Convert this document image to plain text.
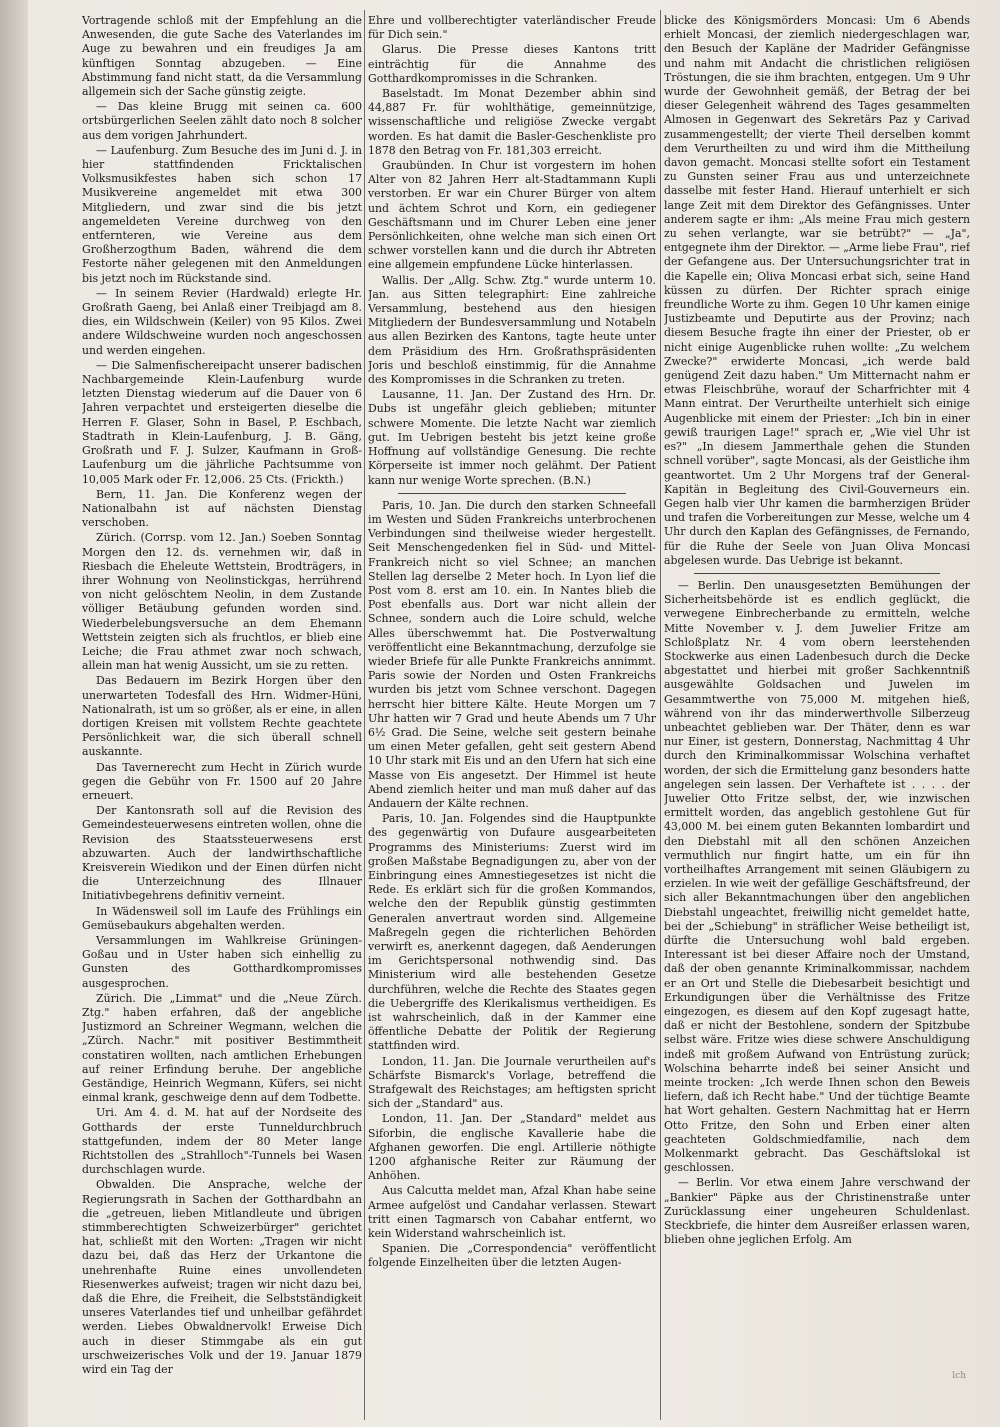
Vortragende schloß mit der Empfehlung an die Anwesenden, die gute Sache des Vaterlandes im Auge zu bewahren und ein freudiges Ja am künftigen Sonntag abzugeben. — Eine Abstimmung fand nicht statt, da die Versammlung allgemein sich der Sache günstig zeigte.

— Das kleine Brugg mit seinen ca. 600 ortsbürgerlichen Seelen zählt dato noch 8 solcher aus dem vorigen Jahrhundert.

— Laufenburg. Zum Besuche des im Juni d. J. in hier stattfindenden Fricktalischen Volksmusikfestes haben sich schon 17 Musikvereine angemeldet mit etwa 300 Mitgliedern, und zwar sind die bis jetzt angemeldeten Vereine durchweg von den entfernteren, wie Vereine aus dem Großherzogthum Baden, während die dem Festorte näher gelegenen mit den Anmeldungen bis jetzt noch im Rückstande sind.

— In seinem Revier (Hardwald) erlegte Hr. Großrath Gaeng, bei Anlaß einer Treibjagd am 8. dies, ein Wildschwein (Keiler) von 95 Kilos. Zwei andere Wildschweine wurden noch angeschossen und werden eingehen.

— Die Salmenfischereipacht unserer badischen Nachbargemeinde Klein-Laufenburg wurde letzten Dienstag wiederum auf die Dauer von 6 Jahren verpachtet und ersteigerten dieselbe die Herren F. Glaser, Sohn in Basel, P. Eschbach, Stadtrath in Klein-Laufenburg, J. B. Gäng, Großrath und F. J. Sulzer, Kaufmann in Groß-Laufenburg um die jährliche Pachtsumme von 10,005 Mark oder Fr. 12,006. 25 Cts. (Frickth.)

Bern, 11. Jan. Die Konferenz wegen der Nationalbahn ist auf nächsten Dienstag verschoben.

Zürich. (Corrsp. vom 12. Jan.) Soeben Sonntag Morgen den 12. ds. vernehmen wir, daß in Riesbach die Eheleute Wettstein, Brodträgers, in ihrer Wohnung von Neolinstickgas, herrührend von nicht gelöschtem Neolin, in dem Zustande völliger Betäubung gefunden worden sind. Wiederbelebungsversuche an dem Ehemann Wettstein zeigten sich als fruchtlos, er blieb eine Leiche; die Frau athmet zwar noch schwach, allein man hat wenig Aussicht, um sie zu retten.

Das Bedauern im Bezirk Horgen über den unerwarteten Todesfall des Hrn. Widmer-Hüni, Nationalrath, ist um so größer, als er eine, in allen dortigen Kreisen mit vollstem Rechte geachtete Persönlichkeit war, die sich überall schnell auskannte.

Das Tavernerecht zum Hecht in Zürich wurde gegen die Gebühr von Fr. 1500 auf 20 Jahre erneuert.

Der Kantonsrath soll auf die Revision des Gemeindesteuerwesens eintreten wollen, ohne die Revision des Staatssteuerwesens erst abzuwarten. Auch der landwirthschaftliche Kreisverein Wiedikon und der Einen dürfen nicht die Unterzeichnung des Illnauer Initiativbegehrens definitiv verneint.

In Wädensweil soll im Laufe des Frühlings ein Gemüsebaukurs abgehalten werden.

Versammlungen im Wahlkreise Grüningen-Goßau und in Uster haben sich einhellig zu Gunsten des Gotthardkompromisses ausgesprochen.

Zürich. Die „Limmat" und die „Neue Zürch. Ztg." haben erfahren, daß der angebliche Justizmord an Schreiner Wegmann, welchen die „Zürch. Nachr." mit positiver Bestimmtheit constatiren wollten, nach amtlichen Erhebungen auf reiner Erfindung beruhe. Der angebliche Geständige, Heinrich Wegmann, Küfers, sei nicht einmal krank, geschweige denn auf dem Todbette.

Uri. Am 4. d. M. hat auf der Nordseite des Gotthards der erste Tunneldurchbruch stattgefunden, indem der 80 Meter lange Richtstollen des „Strahlloch"-Tunnels bei Wasen durchschlagen wurde.

Obwalden. Die Ansprache, welche der Regierungsrath in Sachen der Gotthardbahn an die „getreuen, lieben Mitlandleute und übrigen stimmberechtigten Schweizerbürger" gerichtet hat, schließt mit den Worten: „Tragen wir nicht dazu bei, daß das Herz der Urkantone die unehrenhafte Ruine eines unvollendeten Riesenwerkes aufweist; tragen wir nicht dazu bei, daß die Ehre, die Freiheit, die Selbstständigkeit unseres Vaterlandes tief und unheilbar gefährdet werden. Liebes Obwaldnervolk! Erweise Dich auch in dieser Stimmgabe als ein gut urschweizerisches Volk und der 19. Januar 1879 wird ein Tag der

Ehre und vollberechtigter vaterländischer Freude für Dich sein."

Glarus. Die Presse dieses Kantons tritt einträchtig für die Annahme des Gotthardkompromisses in die Schranken.

Baselstadt. Im Monat Dezember abhin sind 44,887 Fr. für wohlthätige, gemeinnützige, wissenschaftliche und religiöse Zwecke vergabt worden. Es hat damit die Basler-Geschenkliste pro 1878 den Betrag von Fr. 181,303 erreicht.

Graubünden. In Chur ist vorgestern im hohen Alter von 82 Jahren Herr alt-Stadtammann Kupli verstorben. Er war ein Churer Bürger von altem und ächtem Schrot und Korn, ein gediegener Geschäftsmann und im Churer Leben eine jener Persönlichkeiten, ohne welche man sich einen Ort schwer vorstellen kann und die durch ihr Abtreten eine allgemein empfundene Lücke hinterlassen.

Wallis. Der „Allg. Schw. Ztg." wurde unterm 10. Jan. aus Sitten telegraphirt: Eine zahlreiche Versammlung, bestehend aus den hiesigen Mitgliedern der Bundesversammlung und Notabeln aus allen Bezirken des Kantons, tagte heute unter dem Präsidium des Hrn. Großrathspräsidenten Joris und beschloß einstimmig, für die Annahme des Kompromisses in die Schranken zu treten.

Lausanne, 11. Jan. Der Zustand des Hrn. Dr. Dubs ist ungefähr gleich geblieben; mitunter schwere Momente. Die letzte Nacht war ziemlich gut. Im Uebrigen besteht bis jetzt keine große Hoffnung auf vollständige Genesung. Die rechte Körperseite ist immer noch gelähmt. Der Patient kann nur wenige Worte sprechen. (B.N.)

Paris, 10. Jan. Die durch den starken Schneefall im Westen und Süden Frankreichs unterbrochenen Verbindungen sind theilweise wieder hergestellt. Seit Menschengedenken fiel in Süd- und Mittel-Frankreich nicht so viel Schnee; an manchen Stellen lag derselbe 2 Meter hoch. In Lyon lief die Post vom 8. erst am 10. ein. In Nantes blieb die Post ebenfalls aus. Dort war nicht allein der Schnee, sondern auch die Loire schuld, welche Alles überschwemmt hat. Die Postverwaltung veröffentlicht eine Bekanntmachung, derzufolge sie wieder Briefe für alle Punkte Frankreichs annimmt. Paris sowie der Norden und Osten Frankreichs wurden bis jetzt vom Schnee verschont. Dagegen herrscht hier bittere Kälte. Heute Morgen um 7 Uhr hatten wir 7 Grad und heute Abends um 7 Uhr 6½ Grad. Die Seine, welche seit gestern beinahe um einen Meter gefallen, geht seit gestern Abend 10 Uhr stark mit Eis und an den Ufern hat sich eine Masse von Eis angesetzt. Der Himmel ist heute Abend ziemlich heiter und man muß daher auf das Andauern der Kälte rechnen.

Paris, 10. Jan. Folgendes sind die Hauptpunkte des gegenwärtig von Dufaure ausgearbeiteten Programms des Ministeriums: Zuerst wird im großen Maßstabe Begnadigungen zu, aber von der Einbringung eines Amnestiegesetzes ist nicht die Rede. Es erklärt sich für die großen Kommandos, welche den der Republik günstig gestimmten Generalen anvertraut worden sind. Allgemeine Maßregeln gegen die richterlichen Behörden verwirft es, anerkennt dagegen, daß Aenderungen im Gerichtspersonal nothwendig sind. Das Ministerium wird alle bestehenden Gesetze durchführen, welche die Rechte des Staates gegen die Uebergriffe des Klerikalismus vertheidigen. Es ist wahrscheinlich, daß in der Kammer eine öffentliche Debatte der Politik der Regierung stattfinden wird.

London, 11. Jan. Die Journale verurtheilen auf's Schärfste Bismarck's Vorlage, betreffend die Strafgewalt des Reichstages; am heftigsten spricht sich der „Standard" aus.

London, 11. Jan. Der „Standard" meldet aus Siforbin, die englische Kavallerie habe die Afghanen geworfen. Die engl. Artillerie nöthigte 1200 afghanische Reiter zur Räumung der Anhöhen.

Aus Calcutta meldet man, Afzal Khan habe seine Armee aufgelöst und Candahar verlassen. Stewart tritt einen Tagmarsch von Cabahar entfernt, wo kein Widerstand wahrscheinlich ist.

Spanien. Die „Correspondencia" veröffentlicht folgende Einzelheiten über die letzten Augen-

blicke des Königsmörders Moncasi: Um 6 Abends erhielt Moncasi, der ziemlich niedergeschlagen war, den Besuch der Kapläne der Madrider Gefängnisse und nahm mit Andacht die christlichen religiösen Tröstungen, die sie ihm brachten, entgegen. Um 9 Uhr wurde der Gewohnheit gemäß, der Betrag der bei dieser Gelegenheit während des Tages gesammelten Almosen in Gegenwart des Sekretärs Paz y Carivad zusammengestellt; der vierte Theil derselben kommt dem Verurtheilten zu und wird ihm die Mittheilung davon gemacht. Moncasi stellte sofort ein Testament zu Gunsten seiner Frau aus und unterzeichnete dasselbe mit fester Hand. Hierauf unterhielt er sich lange Zeit mit dem Direktor des Gefängnisses. Unter anderem sagte er ihm: „Als meine Frau mich gestern zu sehen verlangte, war sie betrübt?" — „Ja", entgegnete ihm der Direktor. — „Arme liebe Frau", rief der Gefangene aus. Der Untersuchungsrichter trat in die Kapelle ein; Oliva Moncasi erbat sich, seine Hand küssen zu dürfen. Der Richter sprach einige freundliche Worte zu ihm. Gegen 10 Uhr kamen einige Justizbeamte und Deputirte aus der Provinz; nach diesem Besuche fragte ihn einer der Priester, ob er nicht einige Augenblicke ruhen wollte: „Zu welchem Zwecke?" erwiderte Moncasi, „ich werde bald genügend Zeit dazu haben." Um Mitternacht nahm er etwas Fleischbrühe, worauf der Scharfrichter mit 4 Mann eintrat. Der Verurtheilte unterhielt sich einige Augenblicke mit einem der Priester: „Ich bin in einer gewiß traurigen Lage!" sprach er, „Wie viel Uhr ist es?" „In diesem Jammerthale gehen die Stunden schnell vorüber", sagte Moncasi, als der Geistliche ihm geantwortet. Um 2 Uhr Morgens traf der General-Kapitän in Begleitung des Civil-Gouverneurs ein. Gegen halb vier Uhr kamen die barmherzigen Brüder und trafen die Vorbereitungen zur Messe, welche um 4 Uhr durch den Kaplan des Gefängnisses, de Fernando, für die Ruhe der Seele von Juan Oliva Moncasi abgelesen wurde. Das Uebrige ist bekannt.

— Berlin. Den unausgesetzten Bemühungen der Sicherheitsbehörde ist es endlich geglückt, die verwegene Einbrecherbande zu ermitteln, welche Mitte November v. J. dem Juwelier Fritze am Schloßplatz Nr. 4 vom obern leerstehenden Stockwerke aus einen Ladenbesuch durch die Decke abgestattet und hierbei mit großer Sachkenntniß ausgewählte Goldsachen und Juwelen im Gesammtwerthe von 75,000 M. mitgehen hieß, während von ihr das minderwerthvolle Silberzeug unbeachtet geblieben war. Der Thäter, denn es war nur Einer, ist gestern, Donnerstag, Nachmittag 4 Uhr durch den Kriminalkommissar Wolschina verhaftet worden, der sich die Ermittelung ganz besonders hatte angelegen sein lassen. Der Verhaftete ist . . . . der Juwelier Otto Fritze selbst, der, wie inzwischen ermittelt worden, das angeblich gestohlene Gut für 43,000 M. bei einem guten Bekannten lombardirt und den Diebstahl mit all den schönen Anzeichen vermuthlich nur fingirt hatte, um ein für ihn vortheilhaftes Arrangement mit seinen Gläubigern zu erzielen. In wie weit der gefällige Geschäftsfreund, der sich aller Bekanntmachungen über den angeblichen Diebstahl ungeachtet, freiwillig nicht gemeldet hatte, bei der „Schiebung" in sträflicher Weise betheiligt ist, dürfte die Untersuchung wohl bald ergeben. Interessant ist bei dieser Affaire noch der Umstand, daß der oben genannte Kriminalkommissar, nachdem er an Ort und Stelle die Diebesarbeit besichtigt und Erkundigungen über die Verhältnisse des Fritze eingezogen, es diesem auf den Kopf zugesagt hatte, daß er nicht der Bestohlene, sondern der Spitzbube selbst wäre. Fritze wies diese schwere Anschuldigung indeß mit großem Aufwand von Entrüstung zurück; Wolschina beharrte indeß bei seiner Ansicht und meinte trocken: „Ich werde Ihnen schon den Beweis liefern, daß ich Recht habe." Und der tüchtige Beamte hat Wort gehalten. Gestern Nachmittag hat er Herrn Otto Fritze, den Sohn und Erben einer alten geachteten Goldschmiedfamilie, nach dem Molkenmarkt gebracht. Das Geschäftslokal ist geschlossen.

— Berlin. Vor etwa einem Jahre verschwand der „Bankier" Päpke aus der Christinenstraße unter Zurücklassung einer ungeheuren Schuldenlast. Steckbriefe, die hinter dem Ausreißer erlassen waren, blieben ohne jeglichen Erfolg. Am

lch
